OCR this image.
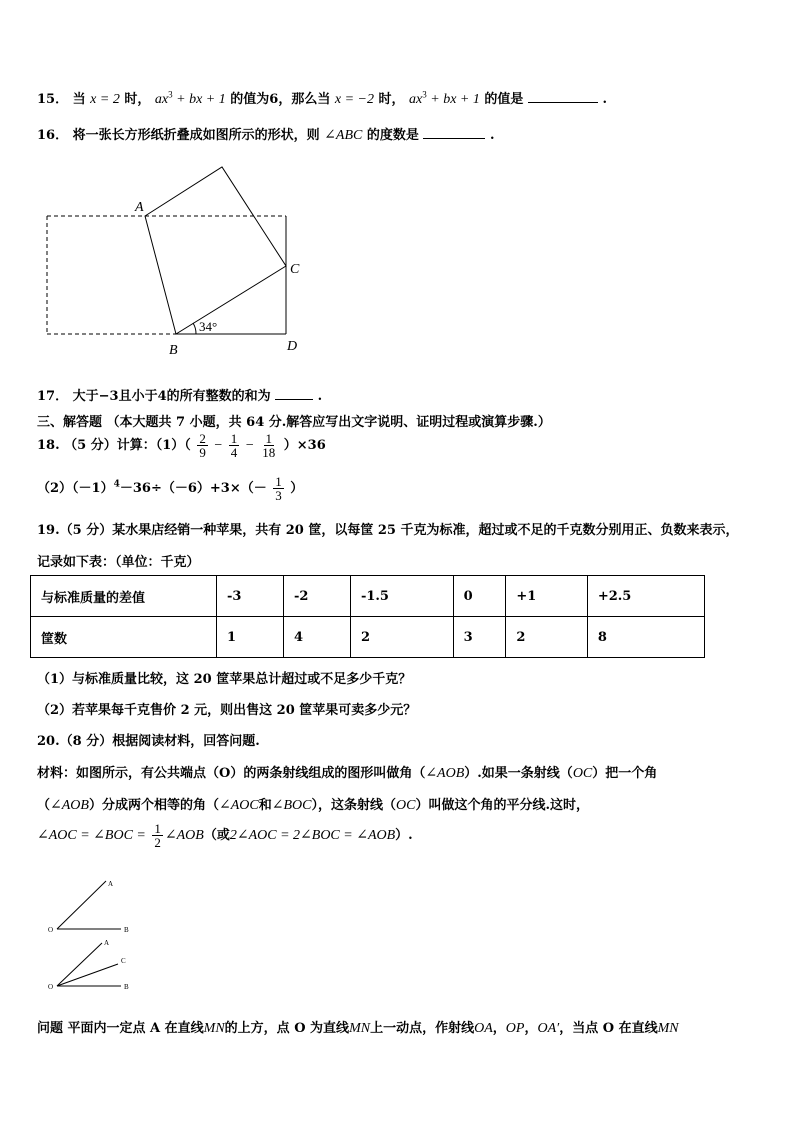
15． 当 x = 2 时， $ax^3$ + bx + 1 的值为6，那么当 x = −2 时， $ax^3$ + bx + 1 的值是	.
16． 将一张长方形纸折叠成如图所示的形状，则 ∠ABC 的度数是	.
A
B
C
D
34°
17． 大于−3且小于4的所有整数的和为	.
三、解答题 （本大题共 7 小题，共 64 分.解答应写出文字说明、证明过程或演算步骤.）
18. （5 分）计算：$(1)( \frac{2}{9} - \frac{1}{4} - \frac{1}{18} )\times 36$
$(2)(-1)^4-36\div(-6)+3\times(- \frac{1}{3}$ ）
19.（5 分）某水果店经销一种苹果，共有 20 筐，以每筐 25 千克为标准，超过或不足的千克数分别用正、负数来表示，
记录如下表：（单位：千克）
与标准质量的差值	-3	-2	-1.5	0	+1	+2.5
筐数	1	4	2	3	2	8
（1）与标准质量比较，这 20 筐苹果总计超过或不足多少千克？
（2）若苹果每千克售价 2 元，则出售这 20 筐苹果可卖多少元？
20.（8 分）根据阅读材料，回答问题.
材料：如图所示，有公共端点（O）的两条射线组成的图形叫做角（∠AOB）.如果一条射线（OC）把一个角
（∠AOB）分成两个相等的角（∠AOC和∠BOC），这条射线（OC）叫做这个角的平分线.这时，
∠AOC = ∠BOC = $\frac{1}{2}$ ∠AOB（或2∠AOC = 2∠BOC = ∠AOB）.
A
O	B
A
C
O	B
问题 平面内一定点 A 在直线MN的上方，点 O 为直线MN上一动点，作射线OA，OP，OA′，当点 O 在直线MN
